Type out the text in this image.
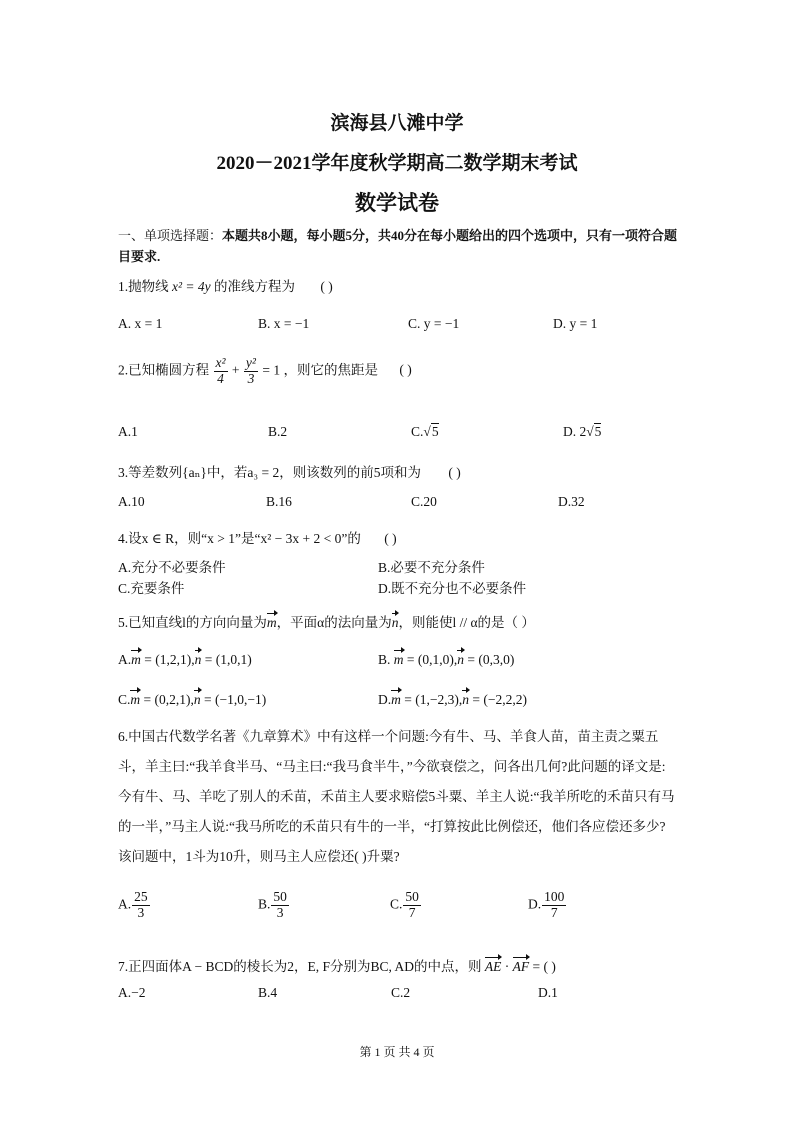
滨海县八滩中学
2020－2021学年度秋学期高二数学期末考试
数学试卷
一、单项选择题：本题共8小题，每小题5分，共40分在每小题给出的四个选项中，只有一项符合题目要求.
1.抛物线 x² = 4y 的准线方程为 ( )
A. x = 1	B. x = −1	C. y = −1	D. y = 1
2.已知椭圆方程 $\frac{\text{x²}}{4} + \frac{\text{y²}}{3} = 1$ ，则它的焦距是 ( )
A.1	B.2	C.√5	D. 2√5
3.等差数列{aₙ}中，若a₃ = 2，则该数列的前5项和为 ( )
A.10	B.16	C.20	D.32
4.设x ∈ R，则“x > 1”是“x² − 3x + 2 < 0”的 ( )
A.充分不必要条件	B.必要不充分条件
C.充要条件	D.既不充分也不必要条件
5.已知直线l的方向向量为m，平面α的法向量为n，则能使l // α的是（ ）
A.m = (1,2,1),n = (1,0,1)	B. m = (0,1,0),n = (0,3,0)
C.m = (0,2,1),n = (−1,0,−1)	D.m = (1,−2,3),n = (−2,2,2)
6.中国古代数学名著《九章算术》中有这样一个问题:今有牛、马、羊食人苗，苗主责之粟五斗，羊主曰:“我羊食半马、“马主曰:“我马食半牛，”今欲衰偿之，问各出几何?此问题的译文是:今有牛、马、羊吃了别人的禾苗，禾苗主人要求赔偿5斗粟、羊主人说:“我羊所吃的禾苗只有马的一半，”马主人说:“我马所吃的禾苗只有牛的一半，“打算按此比例偿还，他们各应偿还多少?该问题中，1斗为10升，则马主人应偿还( )升粟?
A. $\frac{25}{3}$	B. $\frac{50}{3}$	C. $\frac{50}{7}$	D. $\frac{100}{7}$
7.正四面体A − BCD的棱长为2，E, F分别为BC, AD的中点，则 AE · AF = ( )
A.−2	B.4	C.2	D.1
第 1 页 共 4 页
